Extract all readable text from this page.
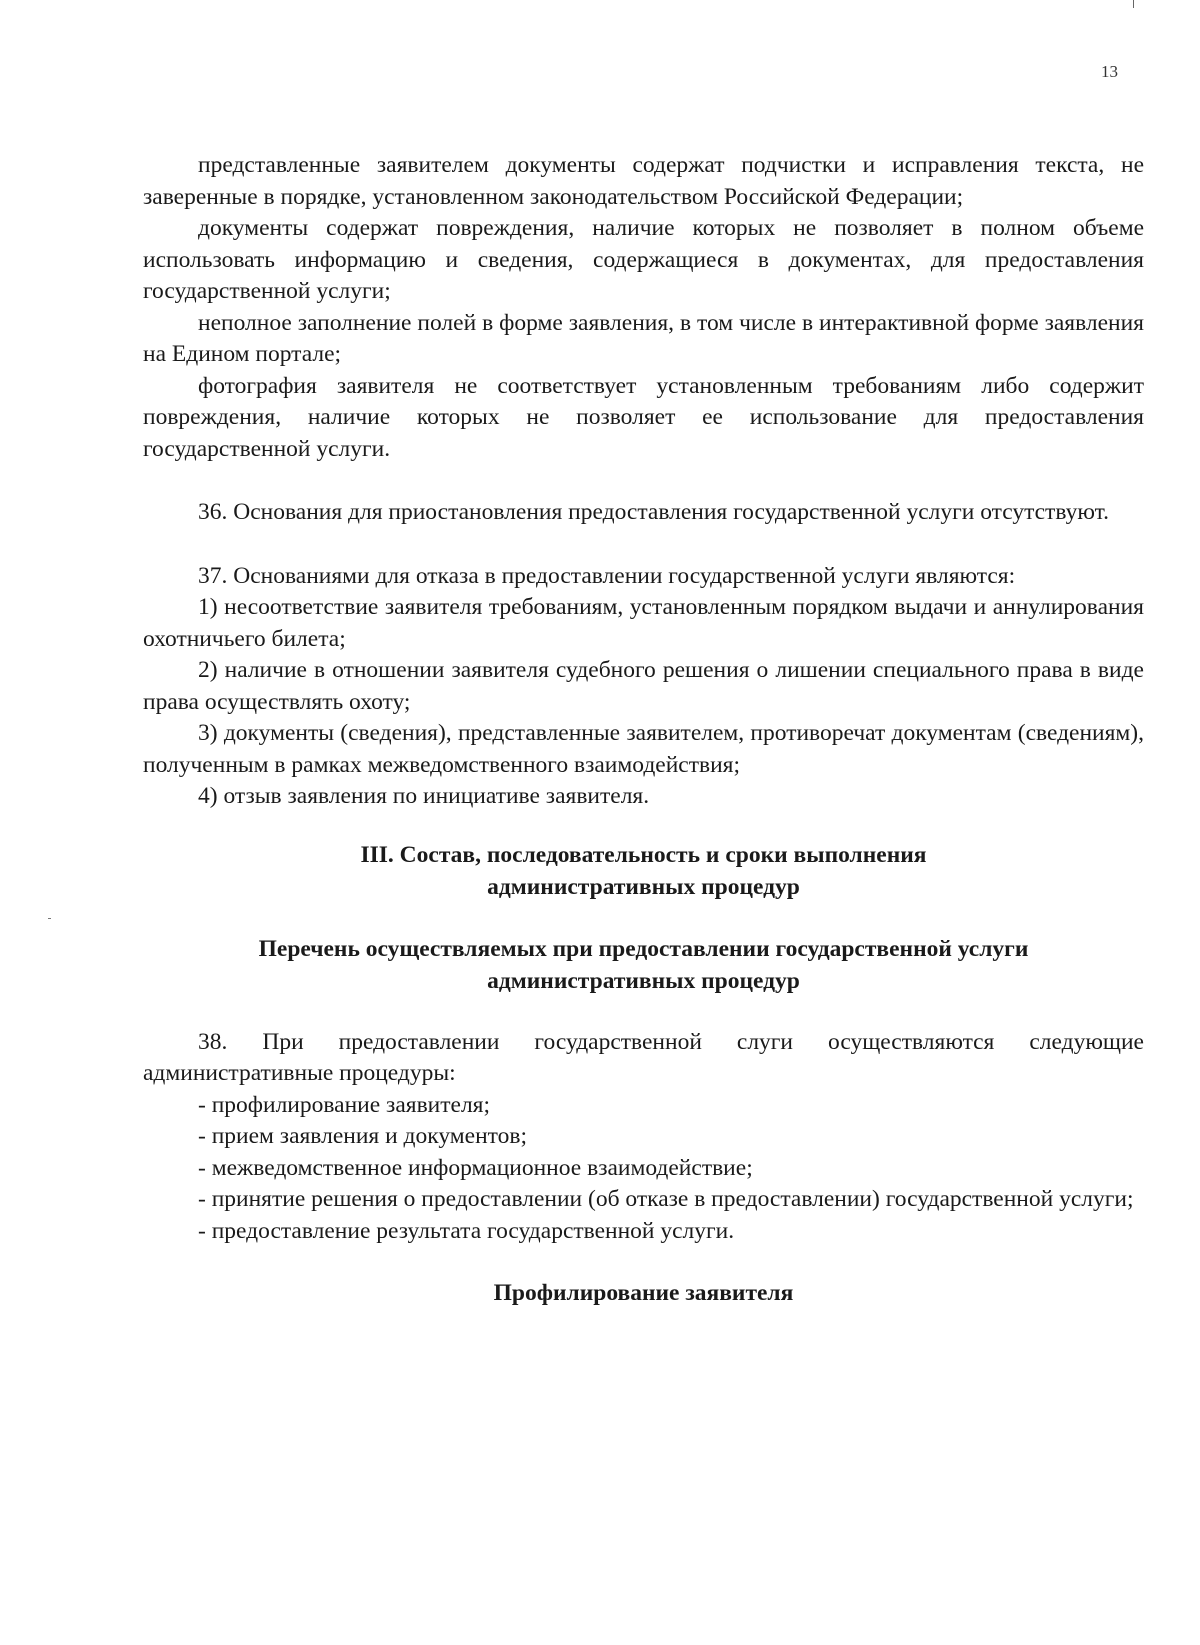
13

представленные заявителем документы содержат подчистки и исправления текста, не заверенные в порядке, установленном законодательством Российской Федерации;

документы содержат повреждения, наличие которых не позволяет в полном объеме использовать информацию и сведения, содержащиеся в документах, для предоставления государственной услуги;

неполное заполнение полей в форме заявления, в том числе в интерактивной форме заявления на Едином портале;

фотография заявителя не соответствует установленным требованиям либо содержит повреждения, наличие которых не позволяет ее использование для предоставления государственной услуги.

36. Основания для приостановления предоставления государственной услуги отсутствуют.

37. Основаниями для отказа в предоставлении государственной услуги являются:

1) несоответствие заявителя требованиям, установленным порядком выдачи и аннулирования охотничьего билета;

2) наличие в отношении заявителя судебного решения о лишении специального права в виде права осуществлять охоту;

3) документы (сведения), представленные заявителем, противоречат документам (сведениям), полученным в рамках межведомственного взаимодействия;

4) отзыв заявления по инициативе заявителя.

III. Состав, последовательность и сроки выполнения
административных процедур
Перечень осуществляемых при предоставлении государственной услуги
административных процедур

38. При предоставлении государственной слуги осуществляются следующие административные процедуры:

- профилирование заявителя;

- прием заявления и документов;

- межведомственное информационное взаимодействие;

- принятие решения о предоставлении (об отказе в предоставлении) государственной услуги;

- предоставление результата государственной услуги.

Профилирование заявителя
